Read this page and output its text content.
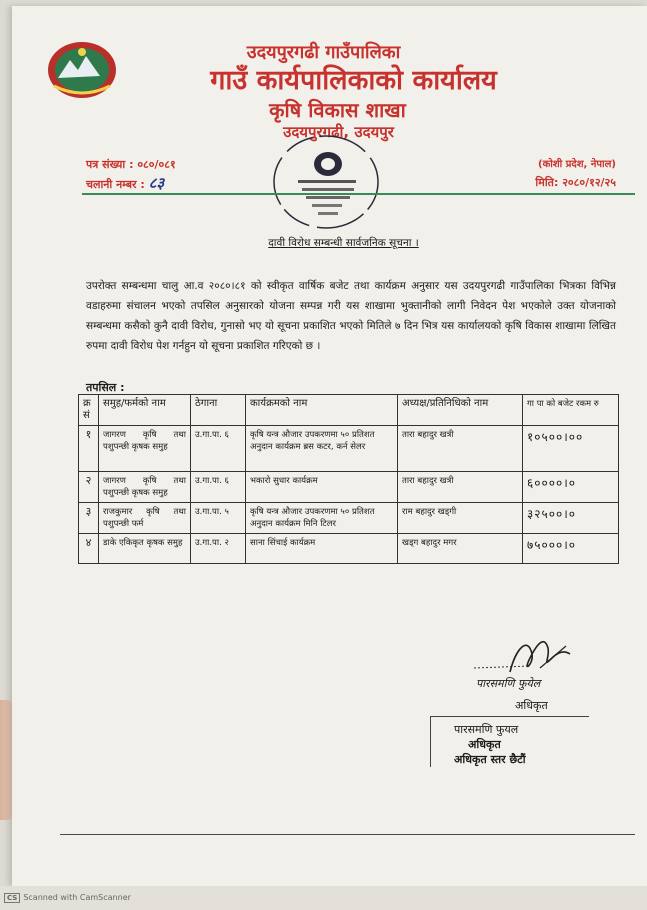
उदयपुरगढी गाउँपालिका
गाउँ कार्यपालिकाको कार्यालय
कृषि विकास शाखा
उदयपुरगढी, उदयपुर
पत्र संख्या : ०८०/०८१
चलानी नम्बर : ८३
(कोशी प्रदेश, नेपाल)
मिति: २०८०/१२/२५
दावी विरोध सम्बन्धी सार्वजनिक सूचना ।
उपरोक्त सम्बन्धमा चालु आ.व २०८०।८१ को स्वीकृत वार्षिक बजेट तथा कार्यक्रम अनुसार यस उदयपुरगढी गाउँपालिका भित्रका विभिन्न वडाहरुमा संचालन भएको तपसिल अनुसारको योजना सम्पन्न गरी यस शाखामा भुक्तानीको लागी निवेदन पेश भएकोले उक्त योजनाको सम्बन्धमा कसैको कुनै दावी विरोध, गुनासो भए यो सूचना प्रकाशित भएको मितिले ७ दिन भित्र यस कार्यालयको कृषि विकास शाखामा लिखित रुपमा दावी विरोध पेश गर्नहुन यो सूचना प्रकाशित गरिएको छ ।
तपसिल :
क्र सं	समुह/फर्मको नाम	ठेगाना	कार्यक्रमको नाम	अध्यक्ष/प्रतिनिधिको नाम	गा पा को बजेट रकम रु
१	जागरण कृषि तथा पशुपन्छी कृषक समुह	उ.गा.पा. ६	कृषि यन्त्र औजार उपकरणमा ५० प्रतिशत अनुदान कार्यक्रम ब्रस कटर, कर्न सेलर	तारा बहादुर खत्री	१०५००।००
२	जागरण कृषि तथा पशुपन्छी कृषक समुह	उ.गा.पा. ६	भकारो सुधार कार्यक्रम	तारा बहादुर खत्री	६००००।०
३	राजकुमार कृषि तथा पशुपन्छी फर्म	उ.गा.पा. ५	कृषि यन्त्र औजार उपकरणमा ५० प्रतिशत अनुदान कार्यक्रम मिनि टिलर	राम बहादुर खड्गी	३२५००।०
४	डाके एकिकृत कृषक समुह	उ.गा.पा. २	साना सिंचाई कार्यक्रम	खड्ग बहादुर मगर	७५०००।०
पारसमणि फुयेल
अधिकृत
पारसमणि फुयल
अधिकृत
अधिकृत स्तर छैटौं
CS Scanned with CamScanner
